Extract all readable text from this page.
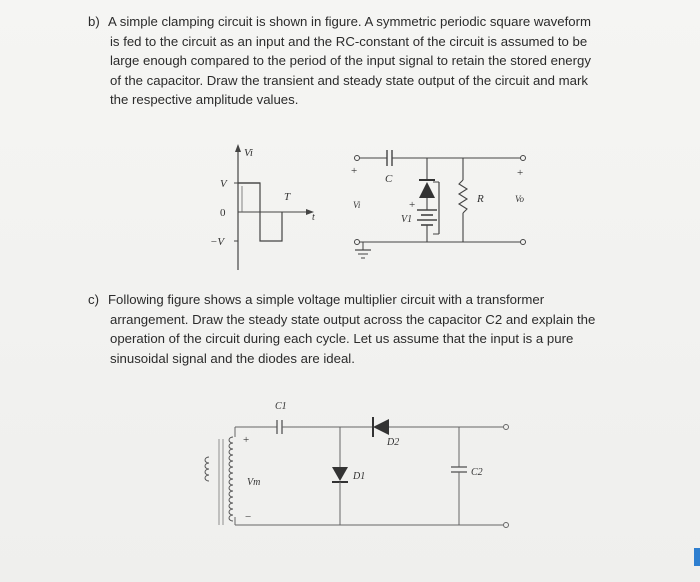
b) A simple clamping circuit is shown in figure. A symmetric periodic square waveform
is fed to the circuit as an input and the RC-constant of the circuit is assumed to be
large enough compared to the period of the input signal to retain the stored energy
of the capacitor. Draw the transient and steady state output of the circuit and mark
the respective amplitude values.
Vi
V
0
−V
T
t
+
Vi
C
+
V1
R
+
Vo
c) Following figure shows a simple voltage multiplier circuit with a transformer
arrangement. Draw the steady state output across the capacitor C2 and explain the
operation of the circuit during each cycle. Let us assume that the input is a pure
sinusoidal signal and the diodes are ideal.
C1
D2
D1	C2
Vm
+
−
